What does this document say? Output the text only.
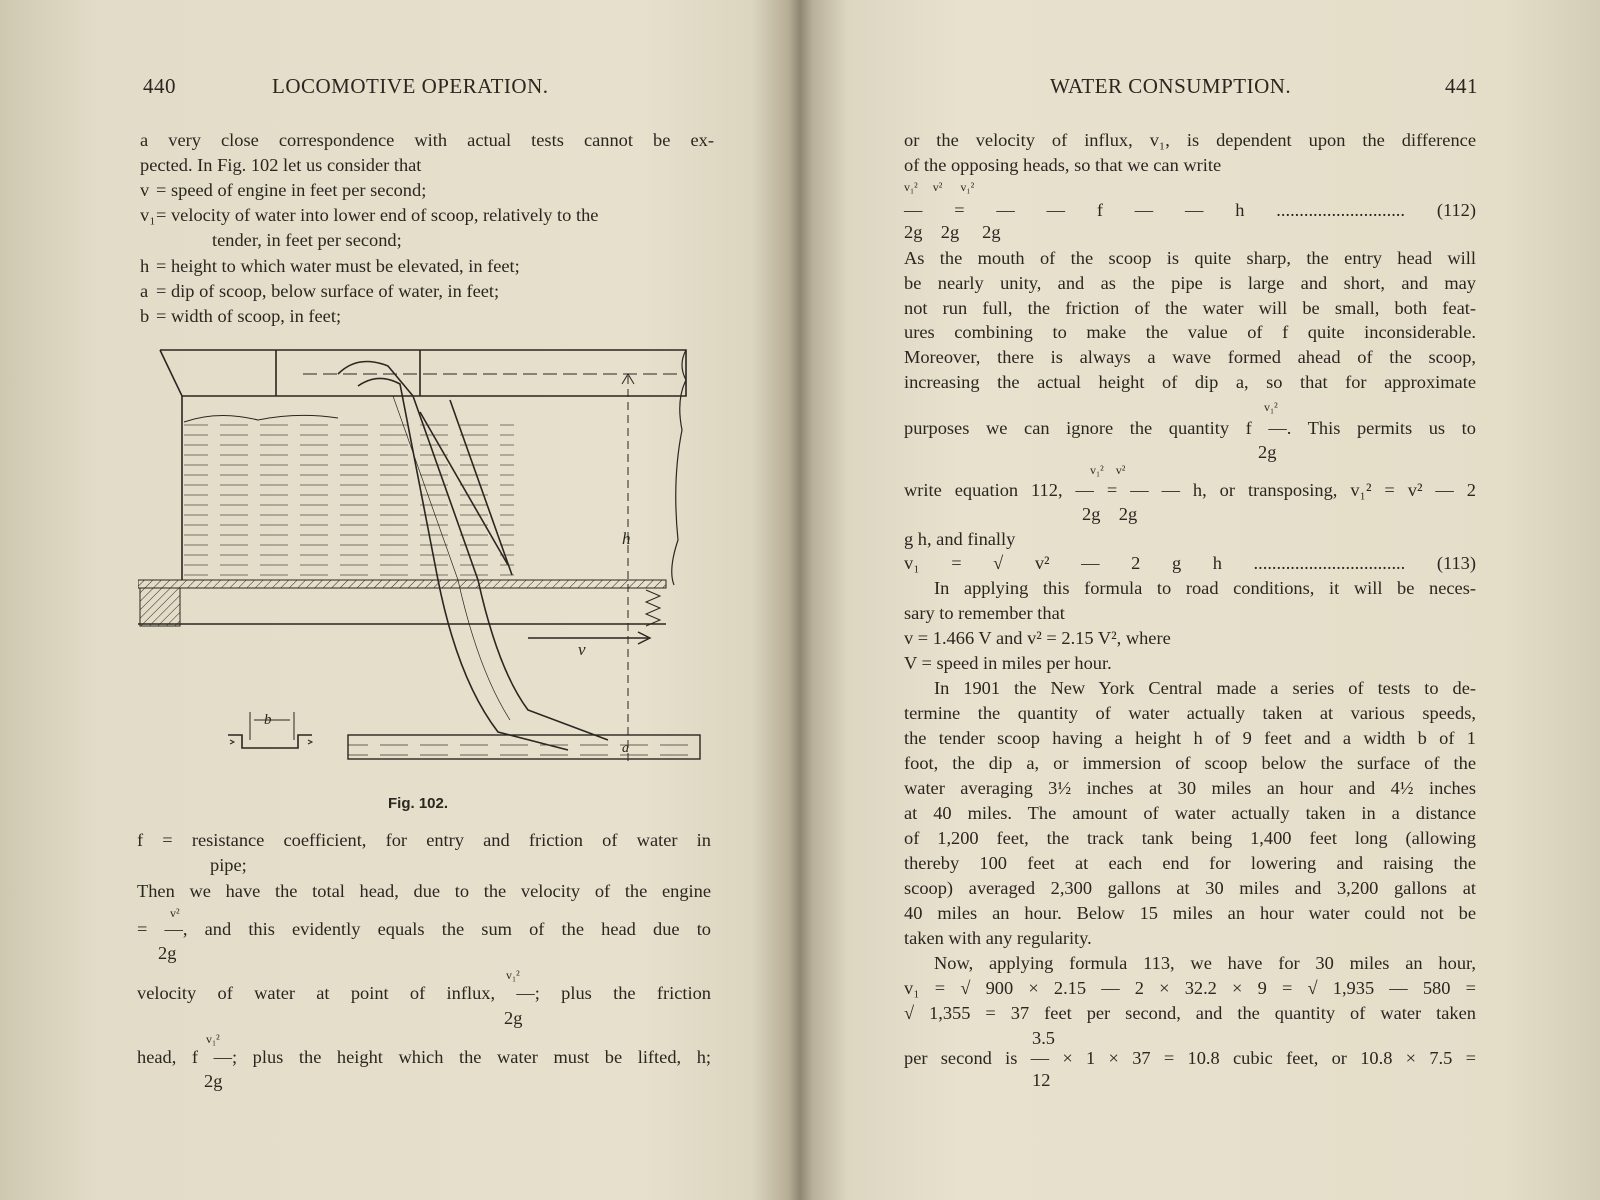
440	LOCOMOTIVE OPERATION.
a very close correspondence with actual tests cannot be ex-
pected. In Fig. 102 let us consider that
v = speed of engine in feet per second;
v₁= velocity of water into lower end of scoop, relatively to the
tender, in feet per second;
h = height to which water must be elevated, in feet;
a = dip of scoop, below surface of water, in feet;
b = width of scoop, in feet;
h
v
b
a
Fig. 102.
f = resistance coefficient, for entry and friction of water in
pipe;
Then we have the total head, due to the velocity of the engine
v²
= —, and this evidently equals the sum of the head due to
2g
v₁²
velocity of water at point of influx, —; plus the friction
2g
v₁²
head, f —; plus the height which the water must be lifted, h;
2g
WATER CONSUMPTION.	441
or the velocity of influx, v₁, is dependent upon the difference
of the opposing heads, so that we can write
v₁²     v²      v₁²
— = — — f — — h ............................ (112)
2g    2g     2g
As the mouth of the scoop is quite sharp, the entry head will
be nearly unity, and as the pipe is large and short, and may
not run full, the friction of the water will be small, both feat-
ures combining to make the value of f quite inconsiderable.
Moreover, there is always a wave formed ahead of the scoop,
increasing the actual height of dip a, so that for approximate
v₁²
purposes we can ignore the quantity f —. This permits us to
2g
v₁²    v²
write equation 112, — = — — h, or transposing, v₁² = v² — 2
2g    2g
g h, and finally
v₁ = √ v² — 2 g h ................................. (113)
In applying this formula to road conditions, it will be neces-
sary to remember that
v = 1.466 V and v² = 2.15 V², where
V = speed in miles per hour.
In 1901 the New York Central made a series of tests to de-
termine the quantity of water actually taken at various speeds,
the tender scoop having a height h of 9 feet and a width b of 1
foot, the dip a, or immersion of scoop below the surface of the
water averaging 3½ inches at 30 miles an hour and 4½ inches
at 40 miles. The amount of water actually taken in a distance
of 1,200 feet, the track tank being 1,400 feet long (allowing
thereby 100 feet at each end for lowering and raising the
scoop) averaged 2,300 gallons at 30 miles and 3,200 gallons at
40 miles an hour. Below 15 miles an hour water could not be
taken with any regularity.
Now, applying formula 113, we have for 30 miles an hour,
v₁ = √ 900 × 2.15 — 2 × 32.2 × 9 = √ 1,935 — 580 =
√ 1,355 = 37 feet per second, and the quantity of water taken
3.5
per second is — × 1 × 37 = 10.8 cubic feet, or 10.8 × 7.5 =
12
